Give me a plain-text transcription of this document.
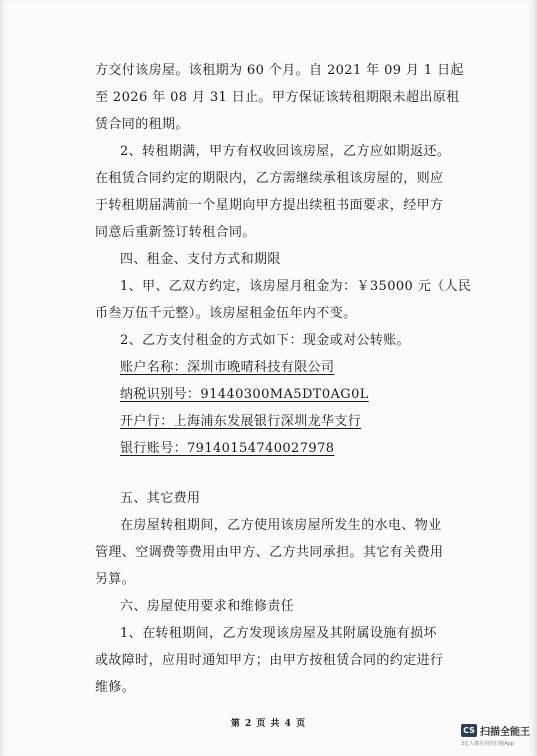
方交付该房屋。该租期为 60 个月。自 2021 年 09 月 1 日起
至 2026 年 08 月 31 日止。甲方保证该转租期限未超出原租
赁合同的租期。
2、转租期满，甲方有权收回该房屋，乙方应如期返还。
在租赁合同约定的期限内，乙方需继续承租该房屋的，则应
于转租期届满前一个星期向甲方提出续租书面要求，经甲方
同意后重新签订转租合同。
四、租金、支付方式和期限
1、甲、乙双方约定，该房屋月租金为：￥35000 元（人民
币叁万伍千元整）。该房屋租金伍年内不变。
2、乙方支付租金的方式如下：现金或对公转账。
账户名称：深圳市晚晴科技有限公司
纳税识别号：91440300MA5DT0AG0L
开户行：上海浦东发展银行深圳龙华支行
银行账号：79140154740027978
五、其它费用
在房屋转租期间，乙方使用该房屋所发生的水电、物业
管理、空调费等费用由甲方、乙方共同承担。其它有关费用
另算。
六、房屋使用要求和维修责任
1、在转租期间，乙方发现该房屋及其附属设施有损坏
或故障时，应用时通知甲方；由甲方按租赁合同的约定进行
维修。
第 2 页 共 4 页
CS 扫描全能王
3亿人都在用的扫描App
